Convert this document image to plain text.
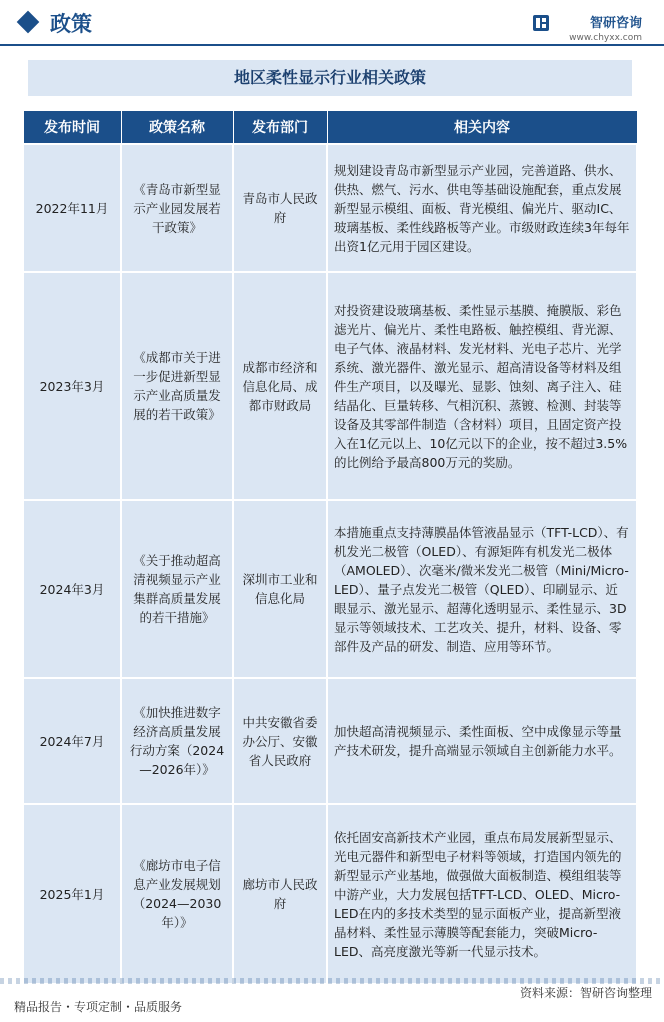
政策	智研咨询
www.chyxx.com
地区柔性显示行业相关政策
发布时间	政策名称	发布部门	相关内容
2022年11月	《青岛市新型显示产业园发展若干政策》	青岛市人民政府	规划建设青岛市新型显示产业园，完善道路、供水、供热、燃气、污水、供电等基础设施配套，重点发展新型显示模组、面板、背光模组、偏光片、驱动IC、玻璃基板、柔性线路板等产业。市级财政连续3年每年出资1亿元用于园区建设。
2023年3月	《成都市关于进一步促进新型显示产业高质量发展的若干政策》	成都市经济和信息化局、成都市财政局	对投资建设玻璃基板、柔性显示基膜、掩膜版、彩色滤光片、偏光片、柔性电路板、触控模组、背光源、电子气体、液晶材料、发光材料、光电子芯片、光学系统、激光器件、激光显示、超高清设备等材料及组件生产项目，以及曝光、显影、蚀刻、离子注入、硅结晶化、巨量转移、气相沉积、蒸镀、检测、封装等设备及其零部件制造（含材料）项目，且固定资产投入在1亿元以上、10亿元以下的企业，按不超过3.5%的比例给予最高800万元的奖励。
2024年3月	《关于推动超高清视频显示产业集群高质量发展的若干措施》	深圳市工业和信息化局	本措施重点支持薄膜晶体管液晶显示（TFT-LCD）、有机发光二极管（OLED）、有源矩阵有机发光二极体（AMOLED）、次毫米/微米发光二极管（Mini/Micro-LED）、量子点发光二极管（QLED）、印刷显示、近眼显示、激光显示、超薄化透明显示、柔性显示、3D显示等领域技术、工艺攻关、提升，材料、设备、零部件及产品的研发、制造、应用等环节。
2024年7月	《加快推进数字经济高质量发展行动方案（2024—2026年）》	中共安徽省委办公厅、安徽省人民政府	加快超高清视频显示、柔性面板、空中成像显示等量产技术研发，提升高端显示领域自主创新能力水平。
2025年1月	《廊坊市电子信息产业发展规划（2024—2030年）》	廊坊市人民政府	依托固安高新技术产业园，重点布局发展新型显示、光电元器件和新型电子材料等领域，打造国内领先的新型显示产业基地，做强做大面板制造、模组组装等中游产业，大力发展包括TFT-LCD、OLED、Micro-LED在内的多技术类型的显示面板产业，提高新型液晶材料、柔性显示薄膜等配套能力，突破Micro-LED、高亮度激光等新一代显示技术。
资料来源：智研咨询整理
精品报告・专项定制・品质服务
